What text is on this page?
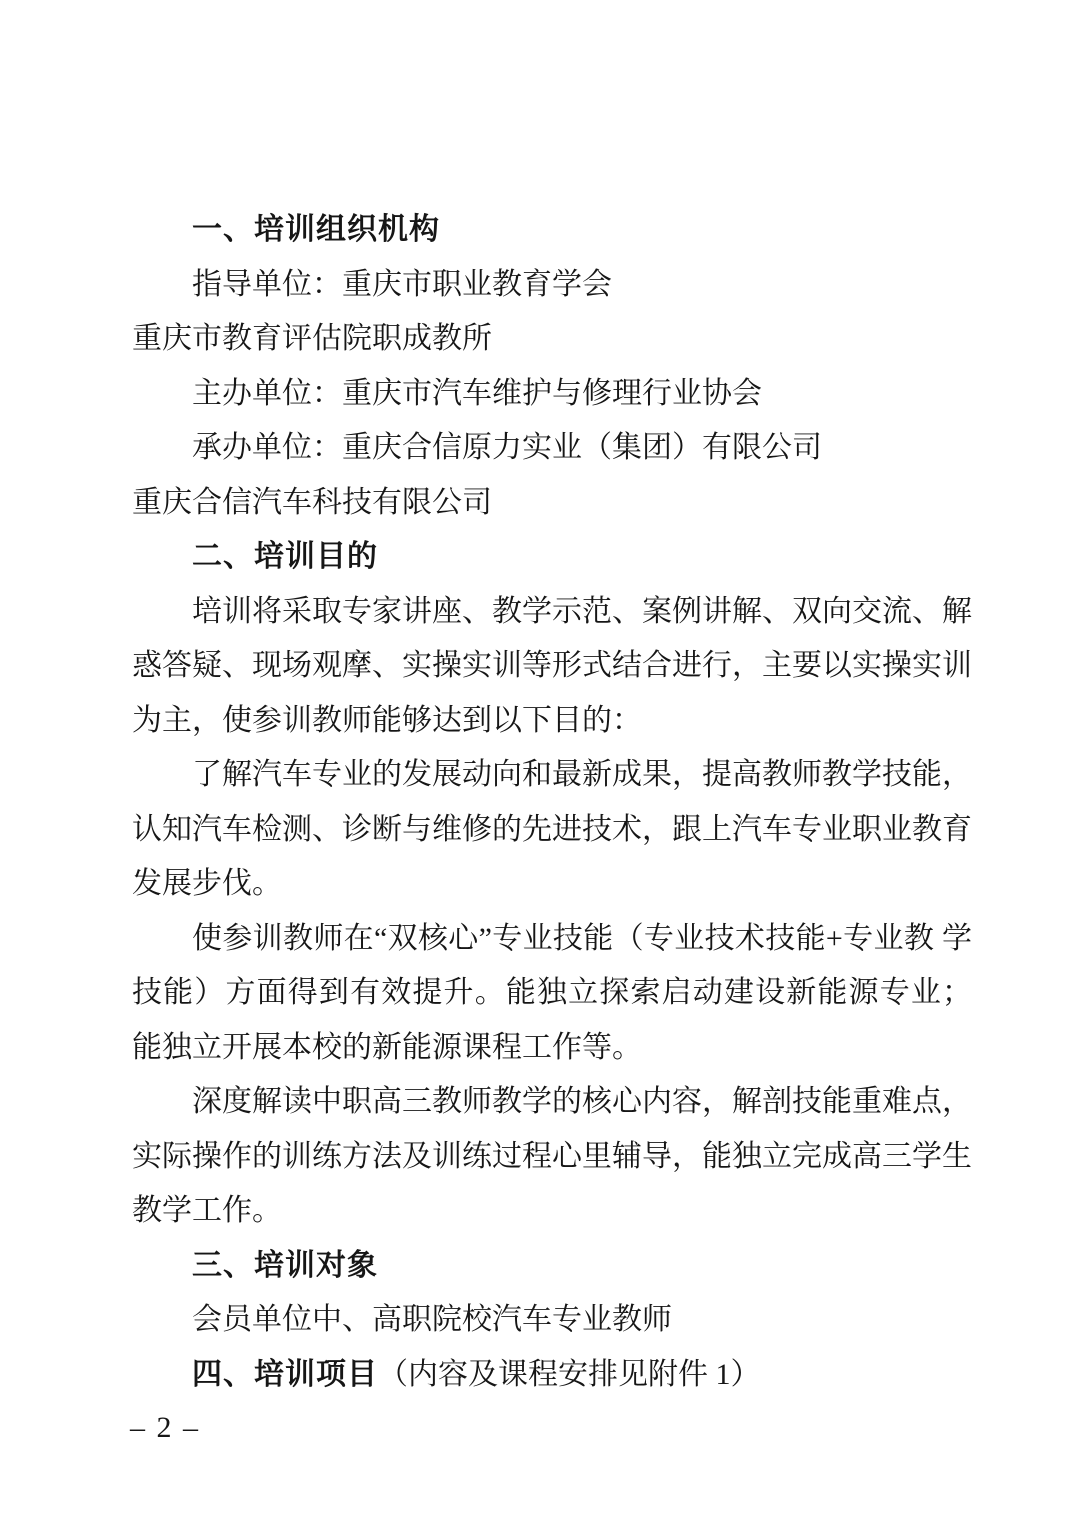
一、培训组织机构

指导单位：重庆市职业教育学会

重庆市教育评估院职成教所

主办单位：重庆市汽车维护与修理行业协会

承办单位：重庆合信原力实业（集团）有限公司

重庆合信汽车科技有限公司

二、培训目的

培训将采取专家讲座、教学示范、案例讲解、双向交流、解惑答疑、现场观摩、实操实训等形式结合进行，主要以实操实训为主，使参训教师能够达到以下目的：

了解汽车专业的发展动向和最新成果，提高教师教学技能，认知汽车检测、诊断与维修的先进技术，跟上汽车专业职业教育发展步伐。

使参训教师在“双核心”专业技能（专业技术技能+专业教 学技能）方面得到有效提升。能独立探索启动建设新能源专业； 能独立开展本校的新能源课程工作等。

深度解读中职高三教师教学的核心内容，解剖技能重难点，实际操作的训练方法及训练过程心里辅导，能独立完成高三学生教学工作。

三、培训对象

会员单位中、高职院校汽车专业教师

四、培训项目（内容及课程安排见附件 1）

– 2 –
